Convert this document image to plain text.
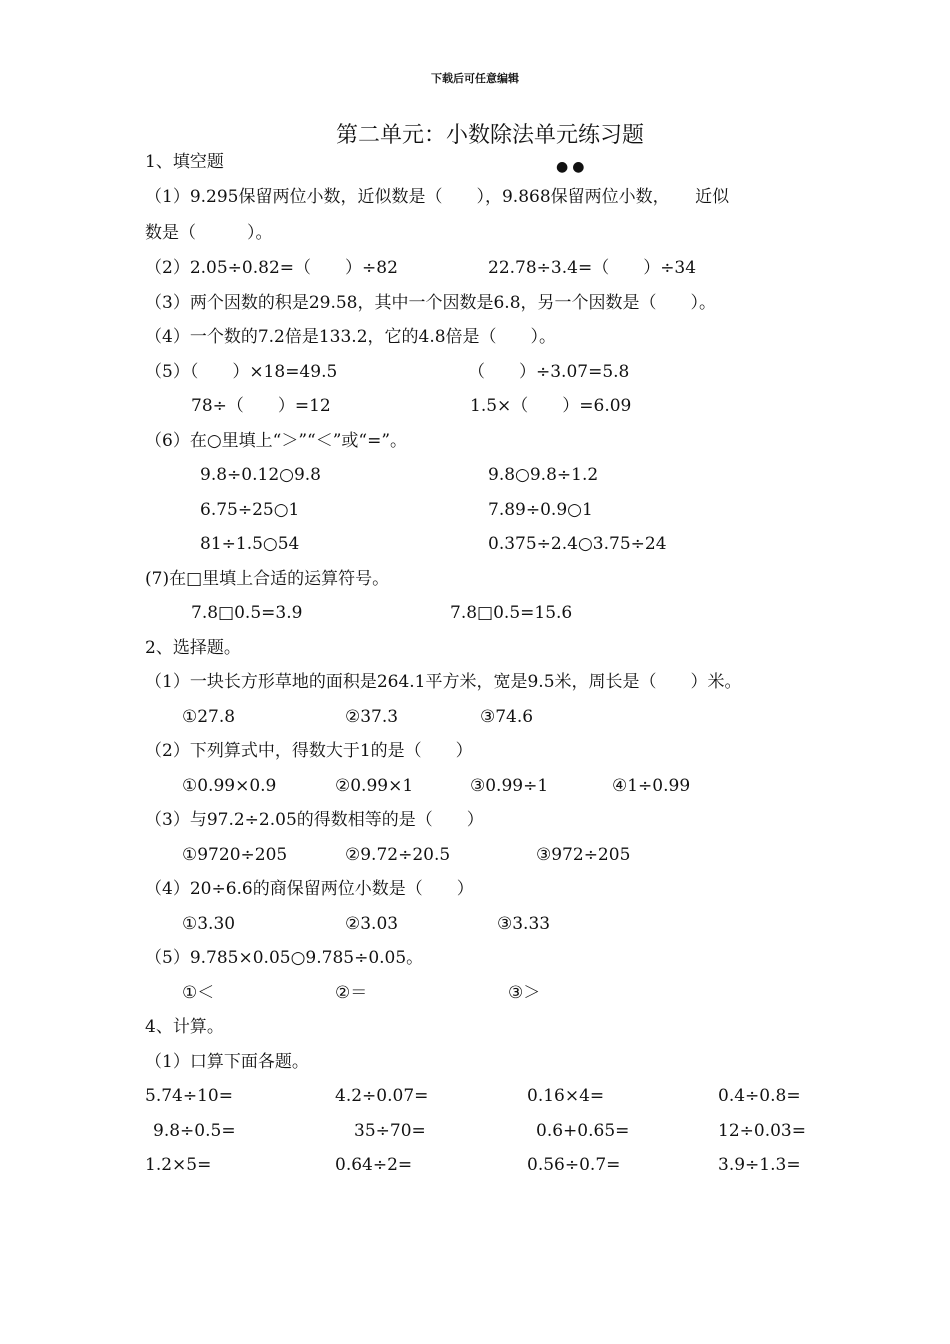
下载后可任意编辑
第二单元：小数除法单元练习题
●●
1、填空题
（1）9.295保留两位小数，近似数是（　　），9.868保留两位小数，　　近似
数是（　　　）。
（2）2.05÷0.82=（　　）÷82	22.78÷3.4=（　　）÷34
（3）两个因数的积是29.58，其中一个因数是6.8，另一个因数是（　　）。
（4）一个数的7.2倍是133.2，它的4.8倍是（　　）。
（5）（　　）×18=49.5	（　　）÷3.07=5.8
78÷（　　）=12	1.5×（　　）=6.09
（6）在○里填上“＞”“＜”或“=”。
9.8÷0.12○9.8	9.8○9.8÷1.2
6.75÷25○1	7.89÷0.9○1
81÷1.5○54	0.375÷2.4○3.75÷24
(7)在□里填上合适的运算符号。
7.8□0.5=3.9	7.8□0.5=15.6
2、选择题。
（1）一块长方形草地的面积是264.1平方米，宽是9.5米，周长是（　　）米。
①27.8	②37.3	③74.6
（2）下列算式中，得数大于1的是（　　）
①0.99×0.9	②0.99×1	③0.99÷1	④1÷0.99
（3）与97.2÷2.05的得数相等的是（　　）
①9720÷205	②9.72÷20.5	③972÷205
（4）20÷6.6的商保留两位小数是（　　）
①3.30	②3.03	③3.33
（5）9.785×0.05○9.785÷0.05。
①＜	②＝	③＞
4、计算。
（1）口算下面各题。
5.74÷10=	4.2÷0.07=	0.16×4=	0.4÷0.8=
9.8÷0.5=	35÷70=	0.6+0.65=	12÷0.03=
1.2×5=	0.64÷2=	0.56÷0.7=	3.9÷1.3=
